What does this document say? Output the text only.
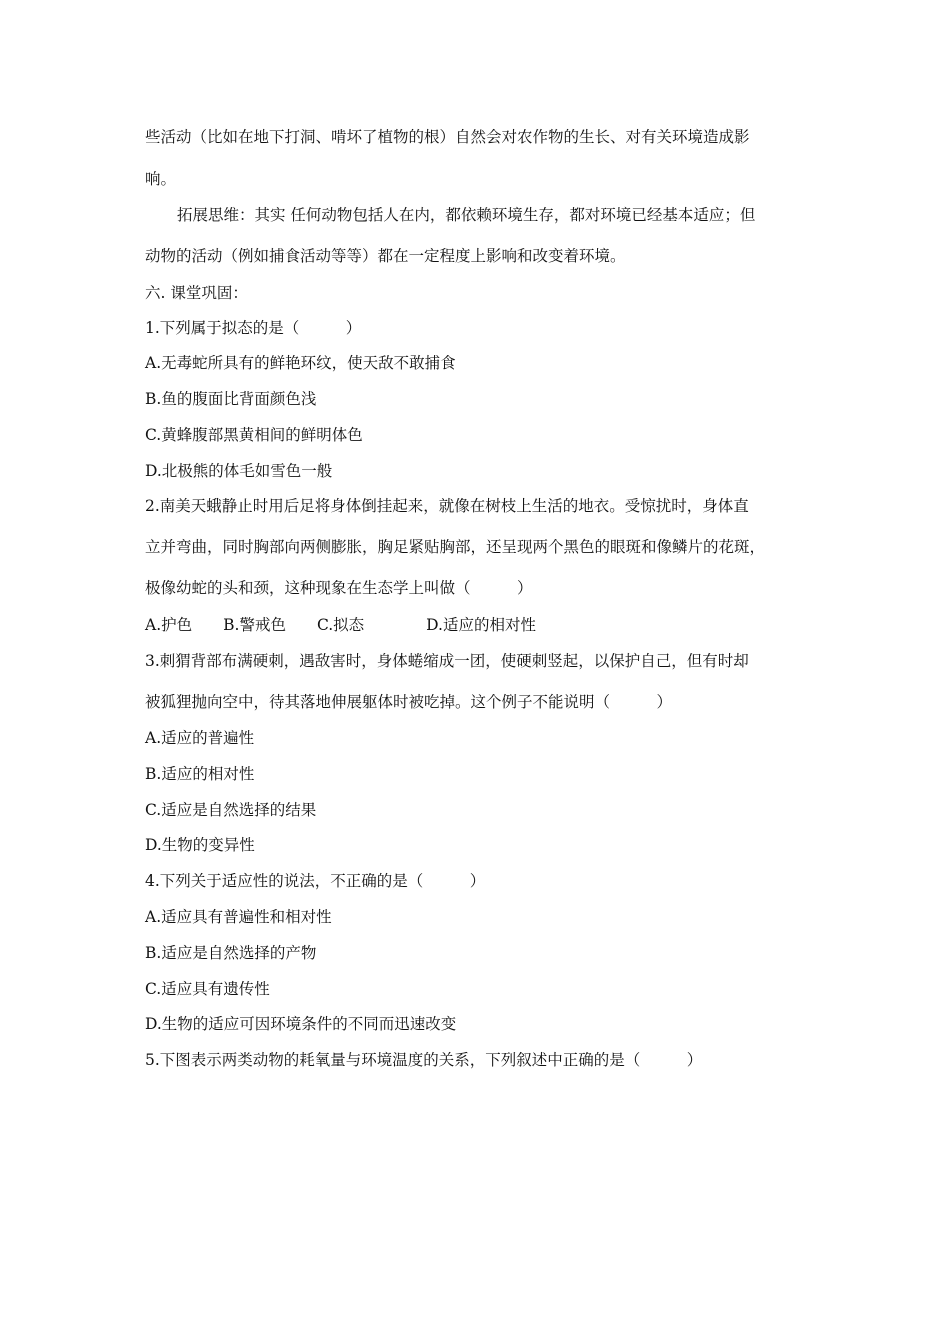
些活动（比如在地下打洞、啃坏了植物的根）自然会对农作物的生长、对有关环境造成影

响。

拓展思维：其实 任何动物包括人在内，都依赖环境生存，都对环境已经基本适应；但

动物的活动（例如捕食活动等等）都在一定程度上影响和改变着环境。

六. 课堂巩固：

1.下列属于拟态的是（　　　）

A.无毒蛇所具有的鲜艳环纹，使天敌不敢捕食

B.鱼的腹面比背面颜色浅

C.黄蜂腹部黑黄相间的鲜明体色

D.北极熊的体毛如雪色一般

2.南美天蛾静止时用后足将身体倒挂起来，就像在树枝上生活的地衣。受惊扰时，身体直

立并弯曲，同时胸部向两侧膨胀，胸足紧贴胸部，还呈现两个黑色的眼斑和像鳞片的花斑，

极像幼蛇的头和颈，这种现象在生态学上叫做（　　　）

A.护色　　B.警戒色　　C.拟态　　　　D.适应的相对性

3.刺猬背部布满硬刺，遇敌害时，身体蜷缩成一团，使硬刺竖起，以保护自己，但有时却

被狐狸抛向空中，待其落地伸展躯体时被吃掉。这个例子不能说明（　　　）

A.适应的普遍性

B.适应的相对性

C.适应是自然选择的结果

D.生物的变异性

4.下列关于适应性的说法，不正确的是（　　　）

A.适应具有普遍性和相对性

B.适应是自然选择的产物

C.适应具有遗传性

D.生物的适应可因环境条件的不同而迅速改变

5.下图表示两类动物的耗氧量与环境温度的关系，下列叙述中正确的是（　　　）
